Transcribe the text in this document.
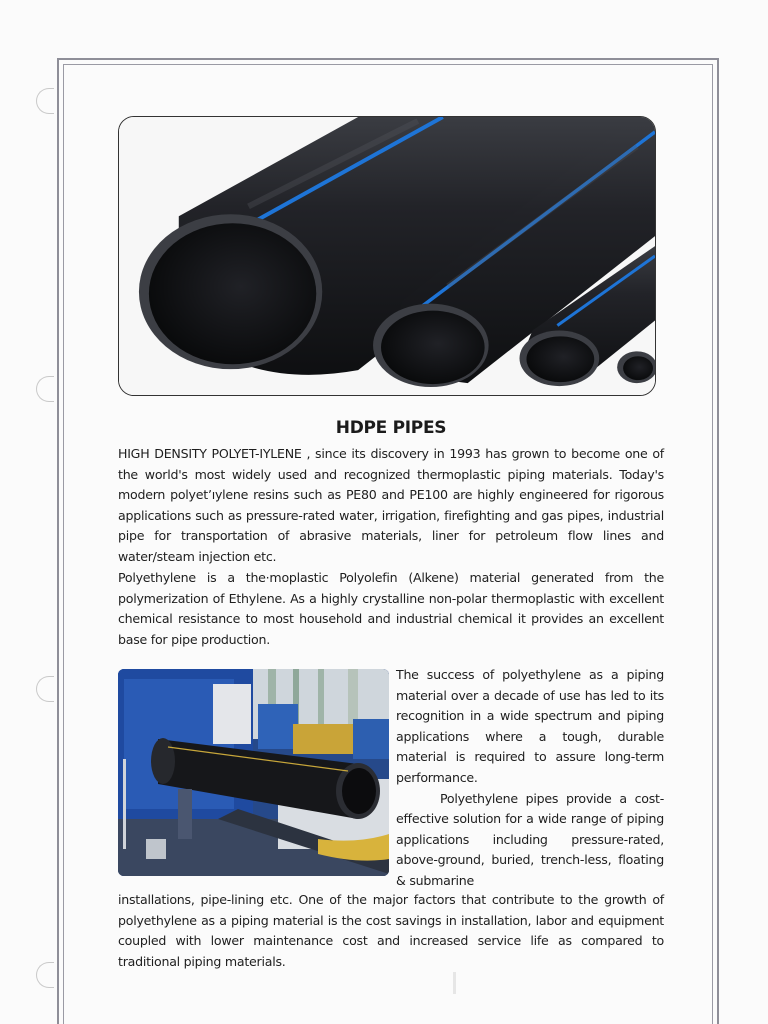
HDPE PIPES

HIGH DENSITY POLYET-IYLENE , since its discovery in 1993 has grown to become one of the world's most widely used and recognized thermoplastic piping materials. Today's modern polyetʼıylene resins such as PE80 and PE100 are highly engineered for rigorous applications such as pressure-rated water, irrigation, firefighting and gas pipes, industrial pipe for transportation of abrasive materials, liner for petroleum flow lines and water/steam injection etc.

Polyethylene is a the·moplastic Polyolefin (Alkene) material generated from the polymerization of Ethylene. As a highly crystalline non-polar thermoplastic with excellent chemical resistance to most household and industrial chemical it provides an excellent base for pipe production.

The success of polyethylene as a piping material over a decade of use has led to its recognition in a wide spectrum and piping applications where a tough, durable material is required to assure long-term performance.
Polyethylene pipes provide a cost-effective solution for a wide range of piping applications including pressure-rated, above-ground, buried, trench-less, floating & submarine

installations, pipe-lining etc. One of the major factors that contribute to the growth of polyethylene as a piping material is the cost savings in installation, labor and equipment coupled with lower maintenance cost and increased service life as compared to traditional piping materials.
